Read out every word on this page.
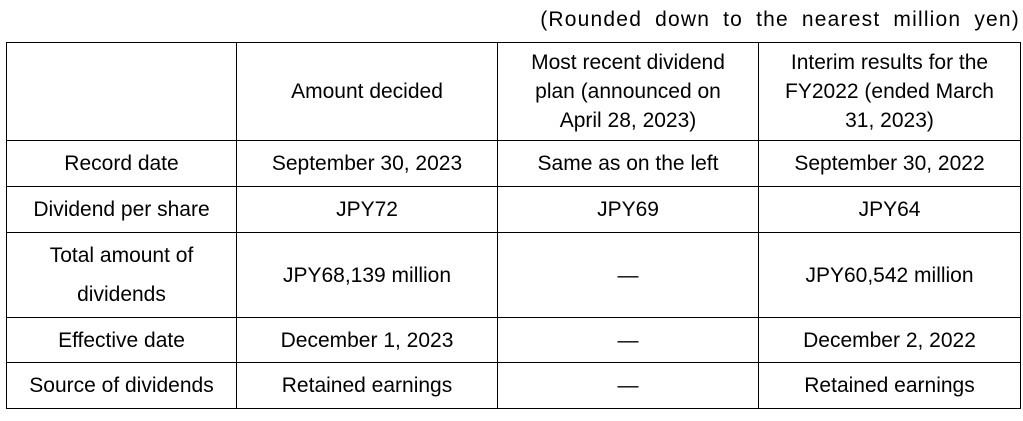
(Rounded down to the nearest million yen)
	Amount decided	Most recent dividend plan (announced on April 28, 2023)	Interim results for the FY2022 (ended March 31, 2023)
Record date	September 30, 2023	Same as on the left	September 30, 2022
Dividend per share	JPY72	JPY69	JPY64
Total amount of dividends	JPY68,139 million	―	JPY60,542 million
Effective date	December 1, 2023	―	December 2, 2022
Source of dividends	Retained earnings	―	Retained earnings
